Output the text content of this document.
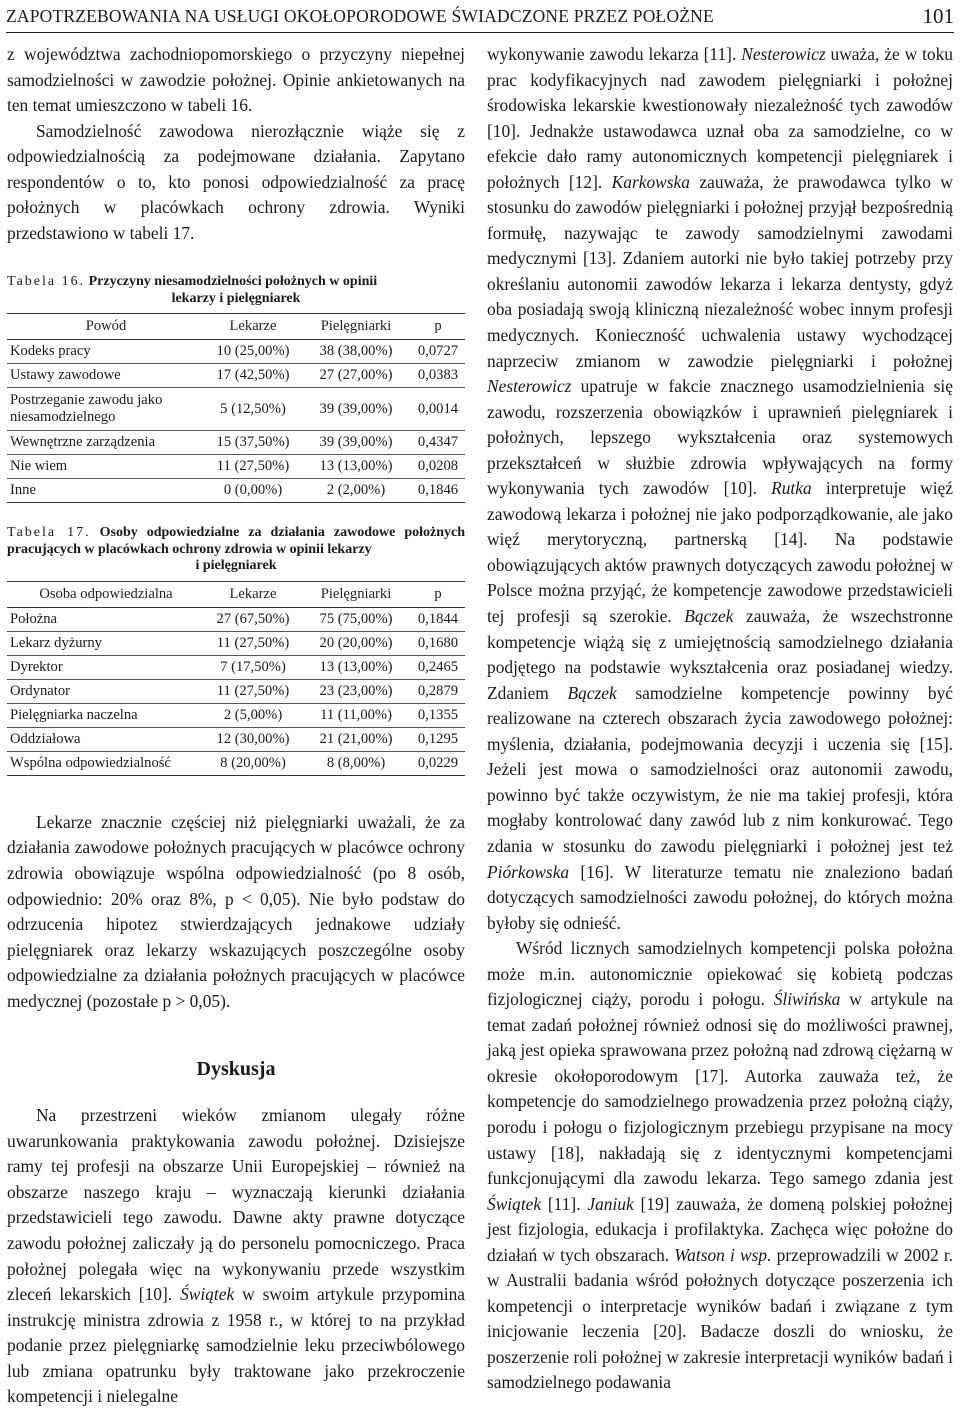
ZAPOTRZEBOWANIA NA USŁUGI OKOŁOPORODOWE ŚWIADCZONE PRZEZ POŁOŻNE	101

z województwa zachodniopomorskiego o przyczyny niepełnej samodzielności w zawodzie położnej. Opinie ankietowanych na ten temat umieszczono w tabeli 16.

Samodzielność zawodowa nierozłącznie wiąże się z odpowiedzialnością za podejmowane działania. Zapytano respondentów o to, kto ponosi odpowiedzialność za pracę położnych w placówkach ochrony zdrowia. Wyniki przedstawiono w tabeli 17.

Tabela 16. Przyczyny niesamodzielności położnych w opinii
lekarzy i pielęgniarek

Powód	Lekarze	Pielęgniarki	p
Kodeks pracy	10 (25,00%)	38 (38,00%)	0,0727
Ustawy zawodowe	17 (42,50%)	27 (27,00%)	0,0383
Postrzeganie zawodu jako niesamodzielnego	5 (12,50%)	39 (39,00%)	0,0014
Wewnętrzne zarządzenia	15 (37,50%)	39 (39,00%)	0,4347
Nie wiem	11 (27,50%)	13 (13,00%)	0,0208
Inne	0 (0,00%)	2 (2,00%)	0,1846

Tabela 17. Osoby odpowiedzialne za działania zawodowe położnych pracujących w placówkach ochrony zdrowia w opinii lekarzy
i pielęgniarek

Osoba odpowiedzialna	Lekarze	Pielęgniarki	p
Położna	27 (67,50%)	75 (75,00%)	0,1844
Lekarz dyżurny	11 (27,50%)	20 (20,00%)	0,1680
Dyrektor	7 (17,50%)	13 (13,00%)	0,2465
Ordynator	11 (27,50%)	23 (23,00%)	0,2879
Pielęgniarka naczelna	2 (5,00%)	11 (11,00%)	0,1355
Oddziałowa	12 (30,00%)	21 (21,00%)	0,1295
Wspólna odpowiedzialność	8 (20,00%)	8 (8,00%)	0,0229

Lekarze znacznie częściej niż pielęgniarki uważali, że za działania zawodowe położnych pracujących w placówce ochrony zdrowia obowiązuje wspólna odpowiedzialność (po 8 osób, odpowiednio: 20% oraz 8%, p < 0,05). Nie było podstaw do odrzucenia hipotez stwierdzających jednakowe udziały pielęgniarek oraz lekarzy wskazujących poszczególne osoby odpowiedzialne za działania położnych pracujących w placówce medycznej (pozostałe p > 0,05).

Dyskusja

Na przestrzeni wieków zmianom ulegały różne uwarunkowania praktykowania zawodu położnej. Dzisiejsze ramy tej profesji na obszarze Unii Europejskiej – również na obszarze naszego kraju – wyznaczają kierunki działania przedstawicieli tego zawodu. Dawne akty prawne dotyczące zawodu położnej zaliczały ją do personelu pomocniczego. Praca położnej polegała więc na wykonywaniu przede wszystkim zleceń lekarskich [10]. Świątek w swoim artykule przypomina instrukcję ministra zdrowia z 1958 r., w której to na przykład podanie przez pielęgniarkę samodzielnie leku przeciwbólowego lub zmiana opatrunku były traktowane jako przekroczenie kompetencji i nielegalne

wykonywanie zawodu lekarza [11]. Nesterowicz uważa, że w toku prac kodyfikacyjnych nad zawodem pielęgniarki i położnej środowiska lekarskie kwestionowały niezależność tych zawodów [10]. Jednakże ustawodawca uznał oba za samodzielne, co w efekcie dało ramy autonomicznych kompetencji pielęgniarek i położnych [12]. Karkowska zauważa, że prawodawca tylko w stosunku do zawodów pielęgniarki i położnej przyjął bezpośrednią formułę, nazywając te zawody samodzielnymi zawodami medycznymi [13]. Zdaniem autorki nie było takiej potrzeby przy określaniu autonomii zawodów lekarza i lekarza dentysty, gdyż oba posiadają swoją kliniczną niezależność wobec innym profesji medycznych. Konieczność uchwalenia ustawy wychodzącej naprzeciw zmianom w zawodzie pielęgniarki i położnej Nesterowicz upatruje w fakcie znacznego usamodzielnienia się zawodu, rozszerzenia obowiązków i uprawnień pielęgniarek i położnych, lepszego wykształcenia oraz systemowych przekształceń w służbie zdrowia wpływających na formy wykonywania tych zawodów [10]. Rutka interpretuje więź zawodową lekarza i położnej nie jako podporządkowanie, ale jako więź merytoryczną, partnerską [14]. Na podstawie obowiązujących aktów prawnych dotyczących zawodu położnej w Polsce można przyjąć, że kompetencje zawodowe przedstawicieli tej profesji są szerokie. Bączek zauważa, że wszechstronne kompetencje wiążą się z umiejętnością samodzielnego działania podjętego na podstawie wykształcenia oraz posiadanej wiedzy. Zdaniem Bączek samodzielne kompetencje powinny być realizowane na czterech obszarach życia zawodowego położnej: myślenia, działania, podejmowania decyzji i uczenia się [15]. Jeżeli jest mowa o samodzielności oraz autonomii zawodu, powinno być także oczywistym, że nie ma takiej profesji, która mogłaby kontrolować dany zawód lub z nim konkurować. Tego zdania w stosunku do zawodu pielęgniarki i położnej jest też Piórkowska [16]. W literaturze tematu nie znaleziono badań dotyczących samodzielności zawodu położnej, do których można byłoby się odnieść.

Wśród licznych samodzielnych kompetencji polska położna może m.in. autonomicznie opiekować się kobietą podczas fizjologicznej ciąży, porodu i połogu. Śliwińska w artykule na temat zadań położnej również odnosi się do możliwości prawnej, jaką jest opieka sprawowana przez położną nad zdrową ciężarną w okresie okołoporodowym [17]. Autorka zauważa też, że kompetencje do samodzielnego prowadzenia przez położną ciąży, porodu i połogu o fizjologicznym przebiegu przypisane na mocy ustawy [18], nakładają się z identycznymi kompetencjami funkcjonującymi dla zawodu lekarza. Tego samego zdania jest Świątek [11]. Janiuk [19] zauważa, że domeną polskiej położnej jest fizjologia, edukacja i profilaktyka. Zachęca więc położne do działań w tych obszarach. Watson i wsp. przeprowadzili w 2002 r. w Australii badania wśród położnych dotyczące poszerzenia ich kompetencji o interpretacje wyników badań i związane z tym inicjowanie leczenia [20]. Badacze doszli do wniosku, że poszerzenie roli położnej w zakresie interpretacji wyników badań i samodzielnego podawania
